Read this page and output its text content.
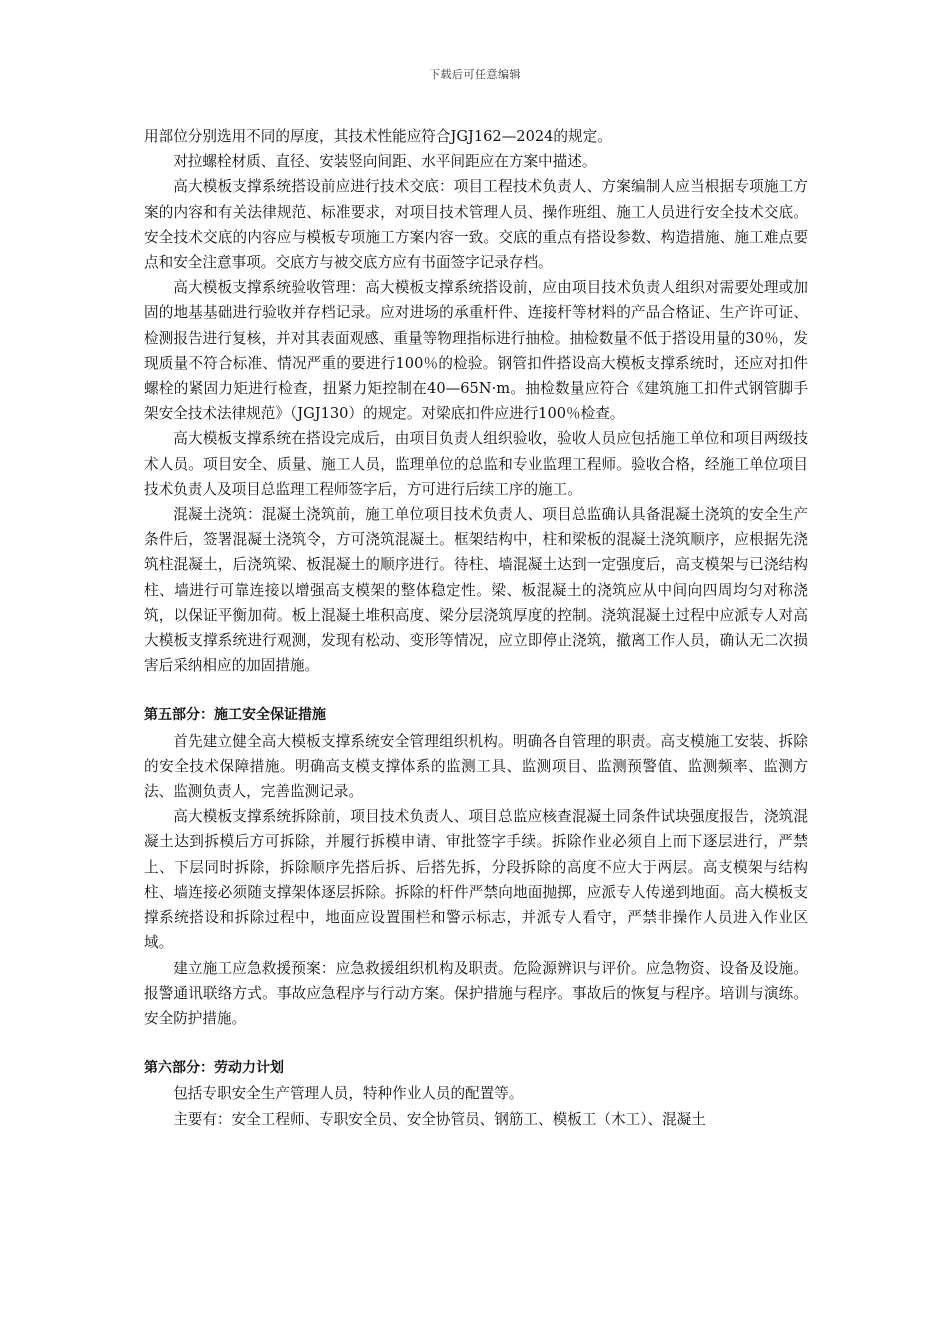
下载后可任意编辑

用部位分别选用不同的厚度，其技术性能应符合JGJ162—2024的规定。

对拉螺栓材质、直径、安装竖向间距、水平间距应在方案中描述。

高大模板支撑系统搭设前应进行技术交底：项目工程技术负责人、方案编制人应当根据专项施工方案的内容和有关法律规范、标准要求，对项目技术管理人员、操作班组、施工人员进行安全技术交底。安全技术交底的内容应与模板专项施工方案内容一致。交底的重点有搭设参数、构造措施、施工难点要点和安全注意事项。交底方与被交底方应有书面签字记录存档。

高大模板支撑系统验收管理：高大模板支撑系统搭设前，应由项目技术负责人组织对需要处理或加固的地基基础进行验收并存档记录。应对进场的承重杆件、连接杆等材料的产品合格证、生产许可证、检测报告进行复核，并对其表面观感、重量等物理指标进行抽检。抽检数量不低于搭设用量的30％，发现质量不符合标准、情况严重的要进行100％的检验。钢管扣件搭设高大模板支撑系统时，还应对扣件螺栓的紧固力矩进行检查，扭紧力矩控制在40—65N·m。抽检数量应符合《建筑施工扣件式钢管脚手架安全技术法律规范》（JGJ130）的规定。对梁底扣件应进行100％检查。

高大模板支撑系统在搭设完成后，由项目负责人组织验收，验收人员应包括施工单位和项目两级技术人员。项目安全、质量、施工人员，监理单位的总监和专业监理工程师。验收合格，经施工单位项目技术负责人及项目总监理工程师签字后，方可进行后续工序的施工。

混凝土浇筑：混凝土浇筑前，施工单位项目技术负责人、项目总监确认具备混凝土浇筑的安全生产条件后，签署混凝土浇筑令，方可浇筑混凝土。框架结构中，柱和梁板的混凝土浇筑顺序，应根据先浇筑柱混凝土，后浇筑梁、板混凝土的顺序进行。待柱、墙混凝土达到一定强度后，高支模架与已浇结构柱、墙进行可靠连接以增强高支模架的整体稳定性。梁、板混凝土的浇筑应从中间向四周均匀对称浇筑，以保证平衡加荷。板上混凝土堆积高度、梁分层浇筑厚度的控制。浇筑混凝土过程中应派专人对高大模板支撑系统进行观测，发现有松动、变形等情况，应立即停止浇筑，撤离工作人员，确认无二次损害后采纳相应的加固措施。

第五部分：施工安全保证措施

首先建立健全高大模板支撑系统安全管理组织机构。明确各自管理的职责。高支模施工安装、拆除的安全技术保障措施。明确高支模支撑体系的监测工具、监测项目、监测预警值、监测频率、监测方法、监测负责人，完善监测记录。

高大模板支撑系统拆除前，项目技术负责人、项目总监应核查混凝土同条件试块强度报告，浇筑混凝土达到拆模后方可拆除，并履行拆模申请、审批签字手续。拆除作业必须自上而下逐层进行，严禁上、下层同时拆除，拆除顺序先搭后拆、后搭先拆，分段拆除的高度不应大于两层。高支模架与结构柱、墙连接必须随支撑架体逐层拆除。拆除的杆件严禁向地面抛掷，应派专人传递到地面。高大模板支撑系统搭设和拆除过程中，地面应设置围栏和警示标志，并派专人看守，严禁非操作人员进入作业区域。

建立施工应急救援预案：应急救援组织机构及职责。危险源辨识与评价。应急物资、设备及设施。报警通讯联络方式。事故应急程序与行动方案。保护措施与程序。事故后的恢复与程序。培训与演练。安全防护措施。

第六部分：劳动力计划

包括专职安全生产管理人员，特种作业人员的配置等。

主要有：安全工程师、专职安全员、安全协管员、钢筋工、模板工（木工）、混凝土
